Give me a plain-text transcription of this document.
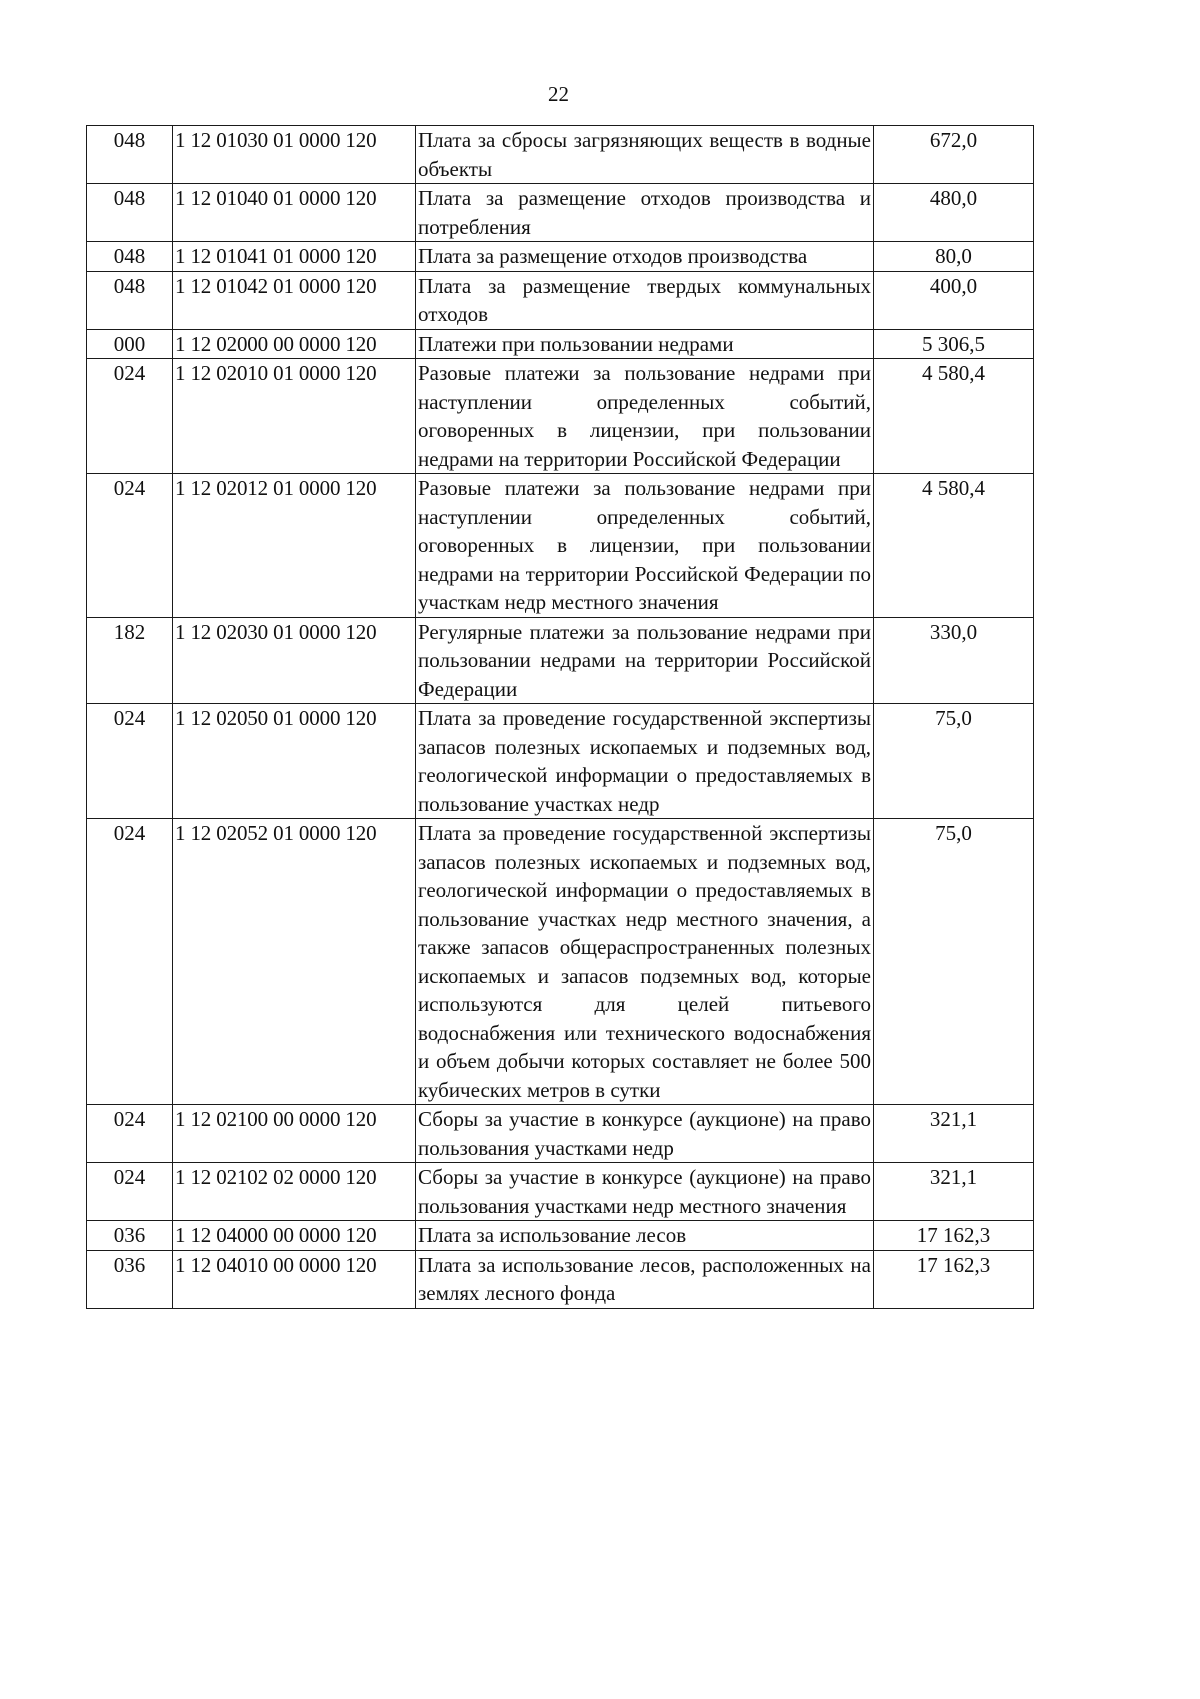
22
048	1 12 01030 01 0000 120	Плата за сбросы загрязняющих веществ в водные объекты	672,0
048	1 12 01040 01 0000 120	Плата за размещение отходов производства и потребления	480,0
048	1 12 01041 01 0000 120	Плата за размещение отходов производства	80,0
048	1 12 01042 01 0000 120	Плата за размещение твердых коммунальных отходов	400,0
000	1 12 02000 00 0000 120	Платежи при пользовании недрами	5 306,5
024	1 12 02010 01 0000 120	Разовые платежи за пользование недрами при наступлении определенных событий, оговоренных в лицензии, при пользовании недрами на территории Российской Федерации	4 580,4
024	1 12 02012 01 0000 120	Разовые платежи за пользование недрами при наступлении определенных событий, оговоренных в лицензии, при пользовании недрами на территории Российской Федерации по участкам недр местного значения	4 580,4
182	1 12 02030 01 0000 120	Регулярные платежи за пользование недрами при пользовании недрами на территории Российской Федерации	330,0
024	1 12 02050 01 0000 120	Плата за проведение государственной экспертизы запасов полезных ископаемых и подземных вод, геологической информации о предоставляемых в пользование участках недр	75,0
024	1 12 02052 01 0000 120	Плата за проведение государственной экспертизы запасов полезных ископаемых и подземных вод, геологической информации о предоставляемых в пользование участках недр местного значения, а также запасов общераспространенных полезных ископаемых и запасов подземных вод, которые используются для целей питьевого водоснабжения или технического водоснабжения и объем добычи которых составляет не более 500 кубических метров в сутки	75,0
024	1 12 02100 00 0000 120	Сборы за участие в конкурсе (аукционе) на право пользования участками недр	321,1
024	1 12 02102 02 0000 120	Сборы за участие в конкурсе (аукционе) на право пользования участками недр местного значения	321,1
036	1 12 04000 00 0000 120	Плата за использование лесов	17 162,3
036	1 12 04010 00 0000 120	Плата за использование лесов, расположенных на землях лесного фонда	17 162,3
